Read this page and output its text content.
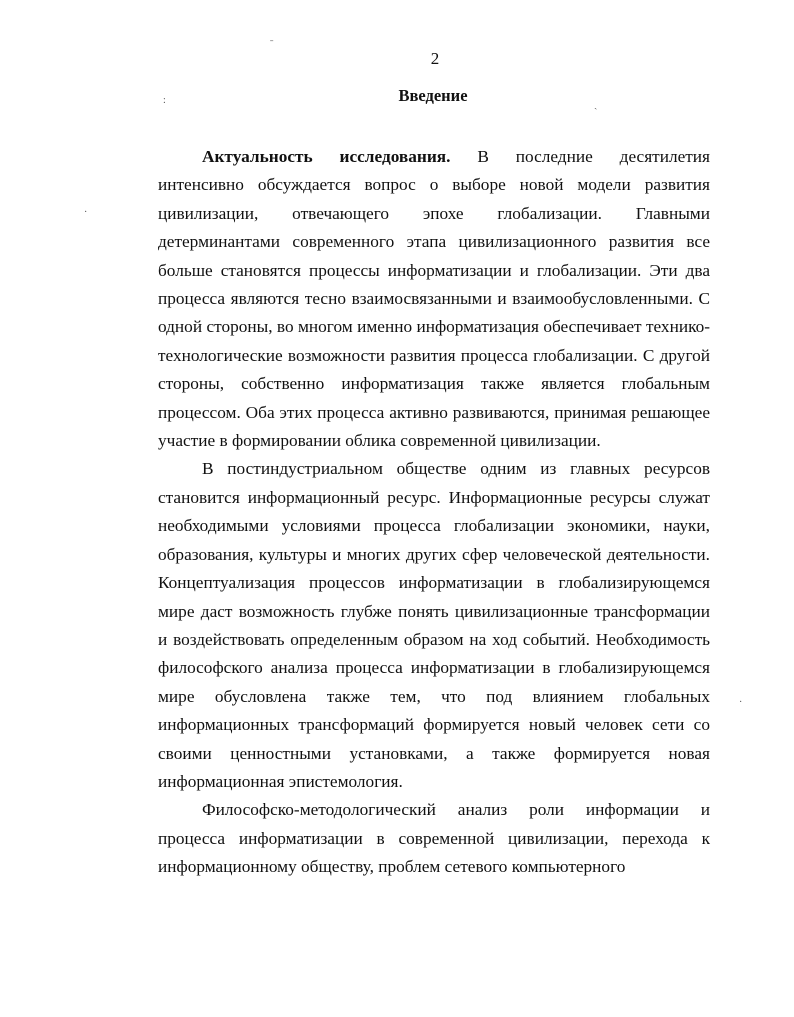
2
Введение
ˉ
:
·
ˎ
·

Актуальность исследования. В последние десятилетия интенсивно обсуждается вопрос о выборе новой модели развития цивилизации, отвечающего эпохе глобализации. Главными детерминантами современного этапа цивилизационного развития все больше становятся процессы информатизации и глобализации. Эти два процесса являются тесно взаимосвязанными и взаимообусловленными. С одной стороны, во многом именно информатизация обеспечивает технико-технологические возможности развития процесса глобализации. С другой стороны, собственно информатизация также является глобальным процессом. Оба этих процесса активно развиваются, принимая решающее участие в формировании облика современной цивилизации.

В постиндустриальном обществе одним из главных ресурсов становится информационный ресурс. Информационные ресурсы служат необходимыми условиями процесса глобализации экономики, науки, образования, культуры и многих других сфер человеческой деятельности. Концептуализация процессов информатизации в глобализирующемся мире даст возможность глубже понять цивилизационные трансформации и воздействовать определенным образом на ход событий. Необходимость философского анализа процесса информатизации в глобализирующемся мире обусловлена также тем, что под влиянием глобальных информационных трансформаций формируется новый человек сети со своими ценностными установками, а также формируется новая информационная эпистемология.

Философско-методологический анализ роли информации и процесса информатизации в современной цивилизации, перехода к информационному обществу, проблем сетевого компьютерного
